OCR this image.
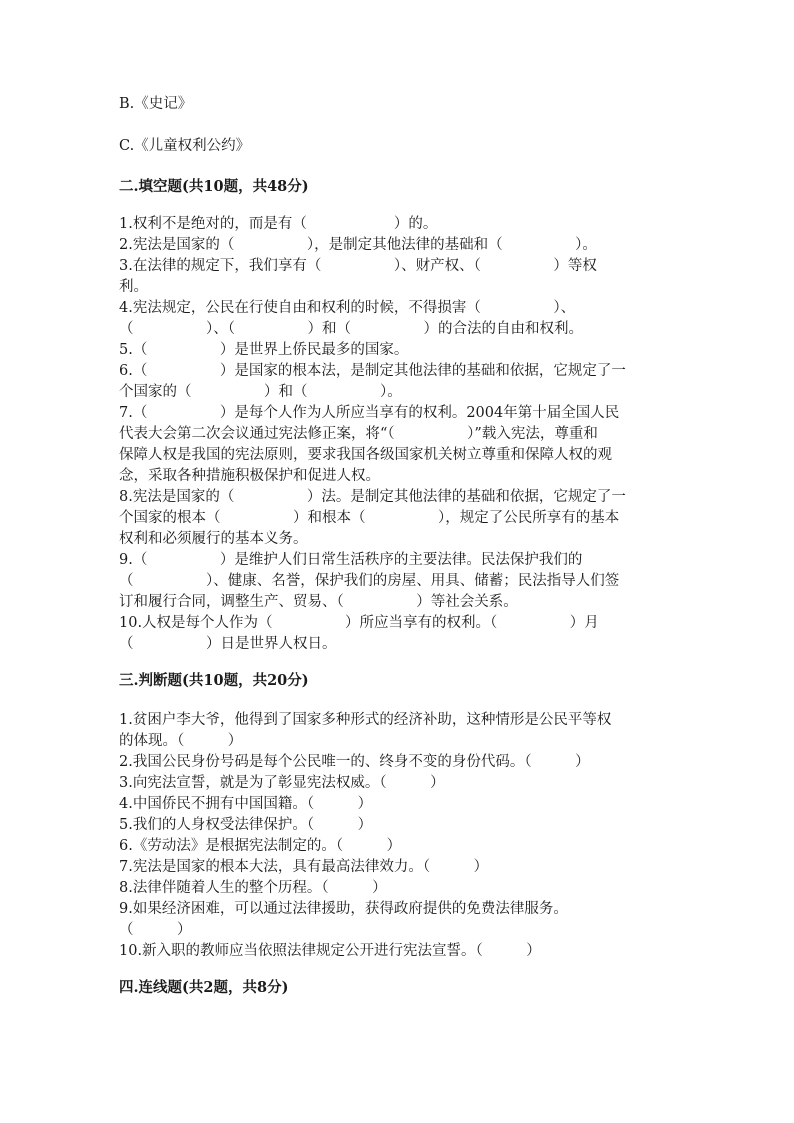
B.《史记》
C.《儿童权利公约》
二.填空题(共10题，共48分)
1.权利不是绝对的，而是有（　　　　　　）的。
2.宪法是国家的（　　　　　），是制定其他法律的基础和（　　　　　）。
3.在法律的规定下，我们享有（　　　　　）、财产权、（　　　　　）等权
利。
4.宪法规定，公民在行使自由和权利的时候，不得损害（　　　　　）、
（　　　　　）、（　　　　　）和（　　　　　）的合法的自由和权利。
5.（　　　　　）是世界上侨民最多的国家。
6.（　　　　　）是国家的根本法，是制定其他法律的基础和依据，它规定了一
个国家的（　　　　　）和（　　　　　）。
7.（　　　　　）是每个人作为人所应当享有的权利。2004年第十届全国人民
代表大会第二次会议通过宪法修正案，将“（　　　　　）”载入宪法，尊重和
保障人权是我国的宪法原则，要求我国各级国家机关树立尊重和保障人权的观
念，采取各种措施积极保护和促进人权。
8.宪法是国家的（　　　　　）法。是制定其他法律的基础和依据，它规定了一
个国家的根本（　　　　　）和根本（　　　　　），规定了公民所享有的基本
权利和必须履行的基本义务。
9.（　　　　　）是维护人们日常生活秩序的主要法律。民法保护我们的
（　　　　　）、健康、名誉，保护我们的房屋、用具、储蓄；民法指导人们签
订和履行合同，调整生产、贸易、（　　　　　）等社会关系。
10.人权是每个人作为（　　　　　）所应当享有的权利。（　　　　　）月
（　　　　　）日是世界人权日。
三.判断题(共10题，共20分)
1.贫困户李大爷，他得到了国家多种形式的经济补助，这种情形是公民平等权
的体现。（　　　）
2.我国公民身份号码是每个公民唯一的、终身不变的身份代码。（　　　）
3.向宪法宣誓，就是为了彰显宪法权威。（　　　）
4.中国侨民不拥有中国国籍。（　　　）
5.我们的人身权受法律保护。（　　　）
6.《劳动法》是根据宪法制定的。（　　　）
7.宪法是国家的根本大法，具有最高法律效力。（　　　）
8.法律伴随着人生的整个历程。（　　　）
9.如果经济困难，可以通过法律援助，获得政府提供的免费法律服务。
（　　　）
10.新入职的教师应当依照法律规定公开进行宪法宣誓。（　　　）
四.连线题(共2题，共8分)
